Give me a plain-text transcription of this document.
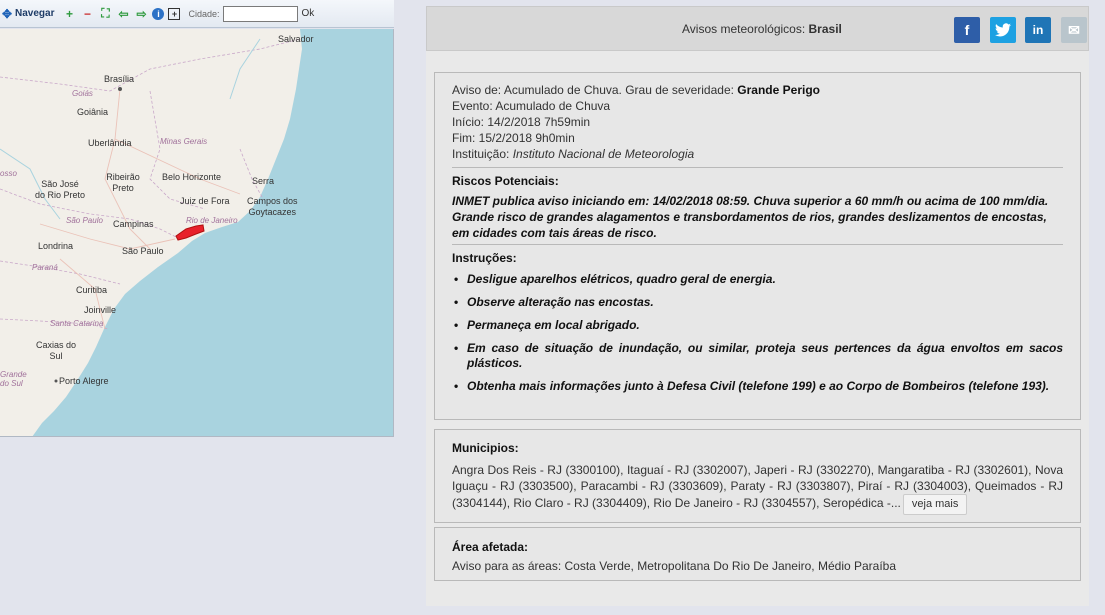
✥ Navegar + − ⛶ ⇦ ⇨	i	+	Cidade:	Ok
Salvador
Brasília
Goiás
Goiânia
Uberlândia	Minas Gerais
osso	Ribeirão
Preto
São José
do Rio Preto
Belo Horizonte	Serra
Juiz de Fora Campos dos
Goytacazes
São Paulo	Rio de Janeiro
Campinas
São Paulo
Londrina
Paraná
Curitiba
Joinville
Santa Catarina
Caxias do
Sul
Grande
do Sul	Porto Alegre
Avisos meteorológicos: Brasil	f	in ✉
Aviso de: Acumulado de Chuva. Grau de severidade: Grande Perigo
Evento: Acumulado de Chuva
Início: 14/2/2018 7h59min
Fim: 15/2/2018 9h0min
Instituição: Instituto Nacional de Meteorologia
Riscos Potenciais:
INMET publica aviso iniciando em: 14/02/2018 08:59. Chuva superior a 60 mm/h ou acima de 100 mm/dia. Grande risco de grandes alagamentos e transbordamentos de rios, grandes deslizamentos de encostas, em cidades com tais áreas de risco.
Instruções:
• Desligue aparelhos elétricos, quadro geral de energia.
• Observe alteração nas encostas.
• Permaneça em local abrigado.
• Em caso de situação de inundação, ou similar, proteja seus pertences da água envoltos em sacos plásticos.
• Obtenha mais informações junto à Defesa Civil (telefone 199) e ao Corpo de Bombeiros (telefone 193).
Municipios:
Angra Dos Reis - RJ (3300100), Itaguaí - RJ (3302007), Japeri - RJ (3302270), Mangaratiba - RJ (3302601), Nova Iguaçu - RJ (3303500), Paracambi - RJ (3303609), Paraty - RJ (3303807), Piraí - RJ (3304003), Queimados - RJ (3304144), Rio Claro - RJ (3304409), Rio De Janeiro - RJ (3304557), Seropédica -... veja mais
Área afetada:
Aviso para as áreas: Costa Verde, Metropolitana Do Rio De Janeiro, Médio Paraíba
